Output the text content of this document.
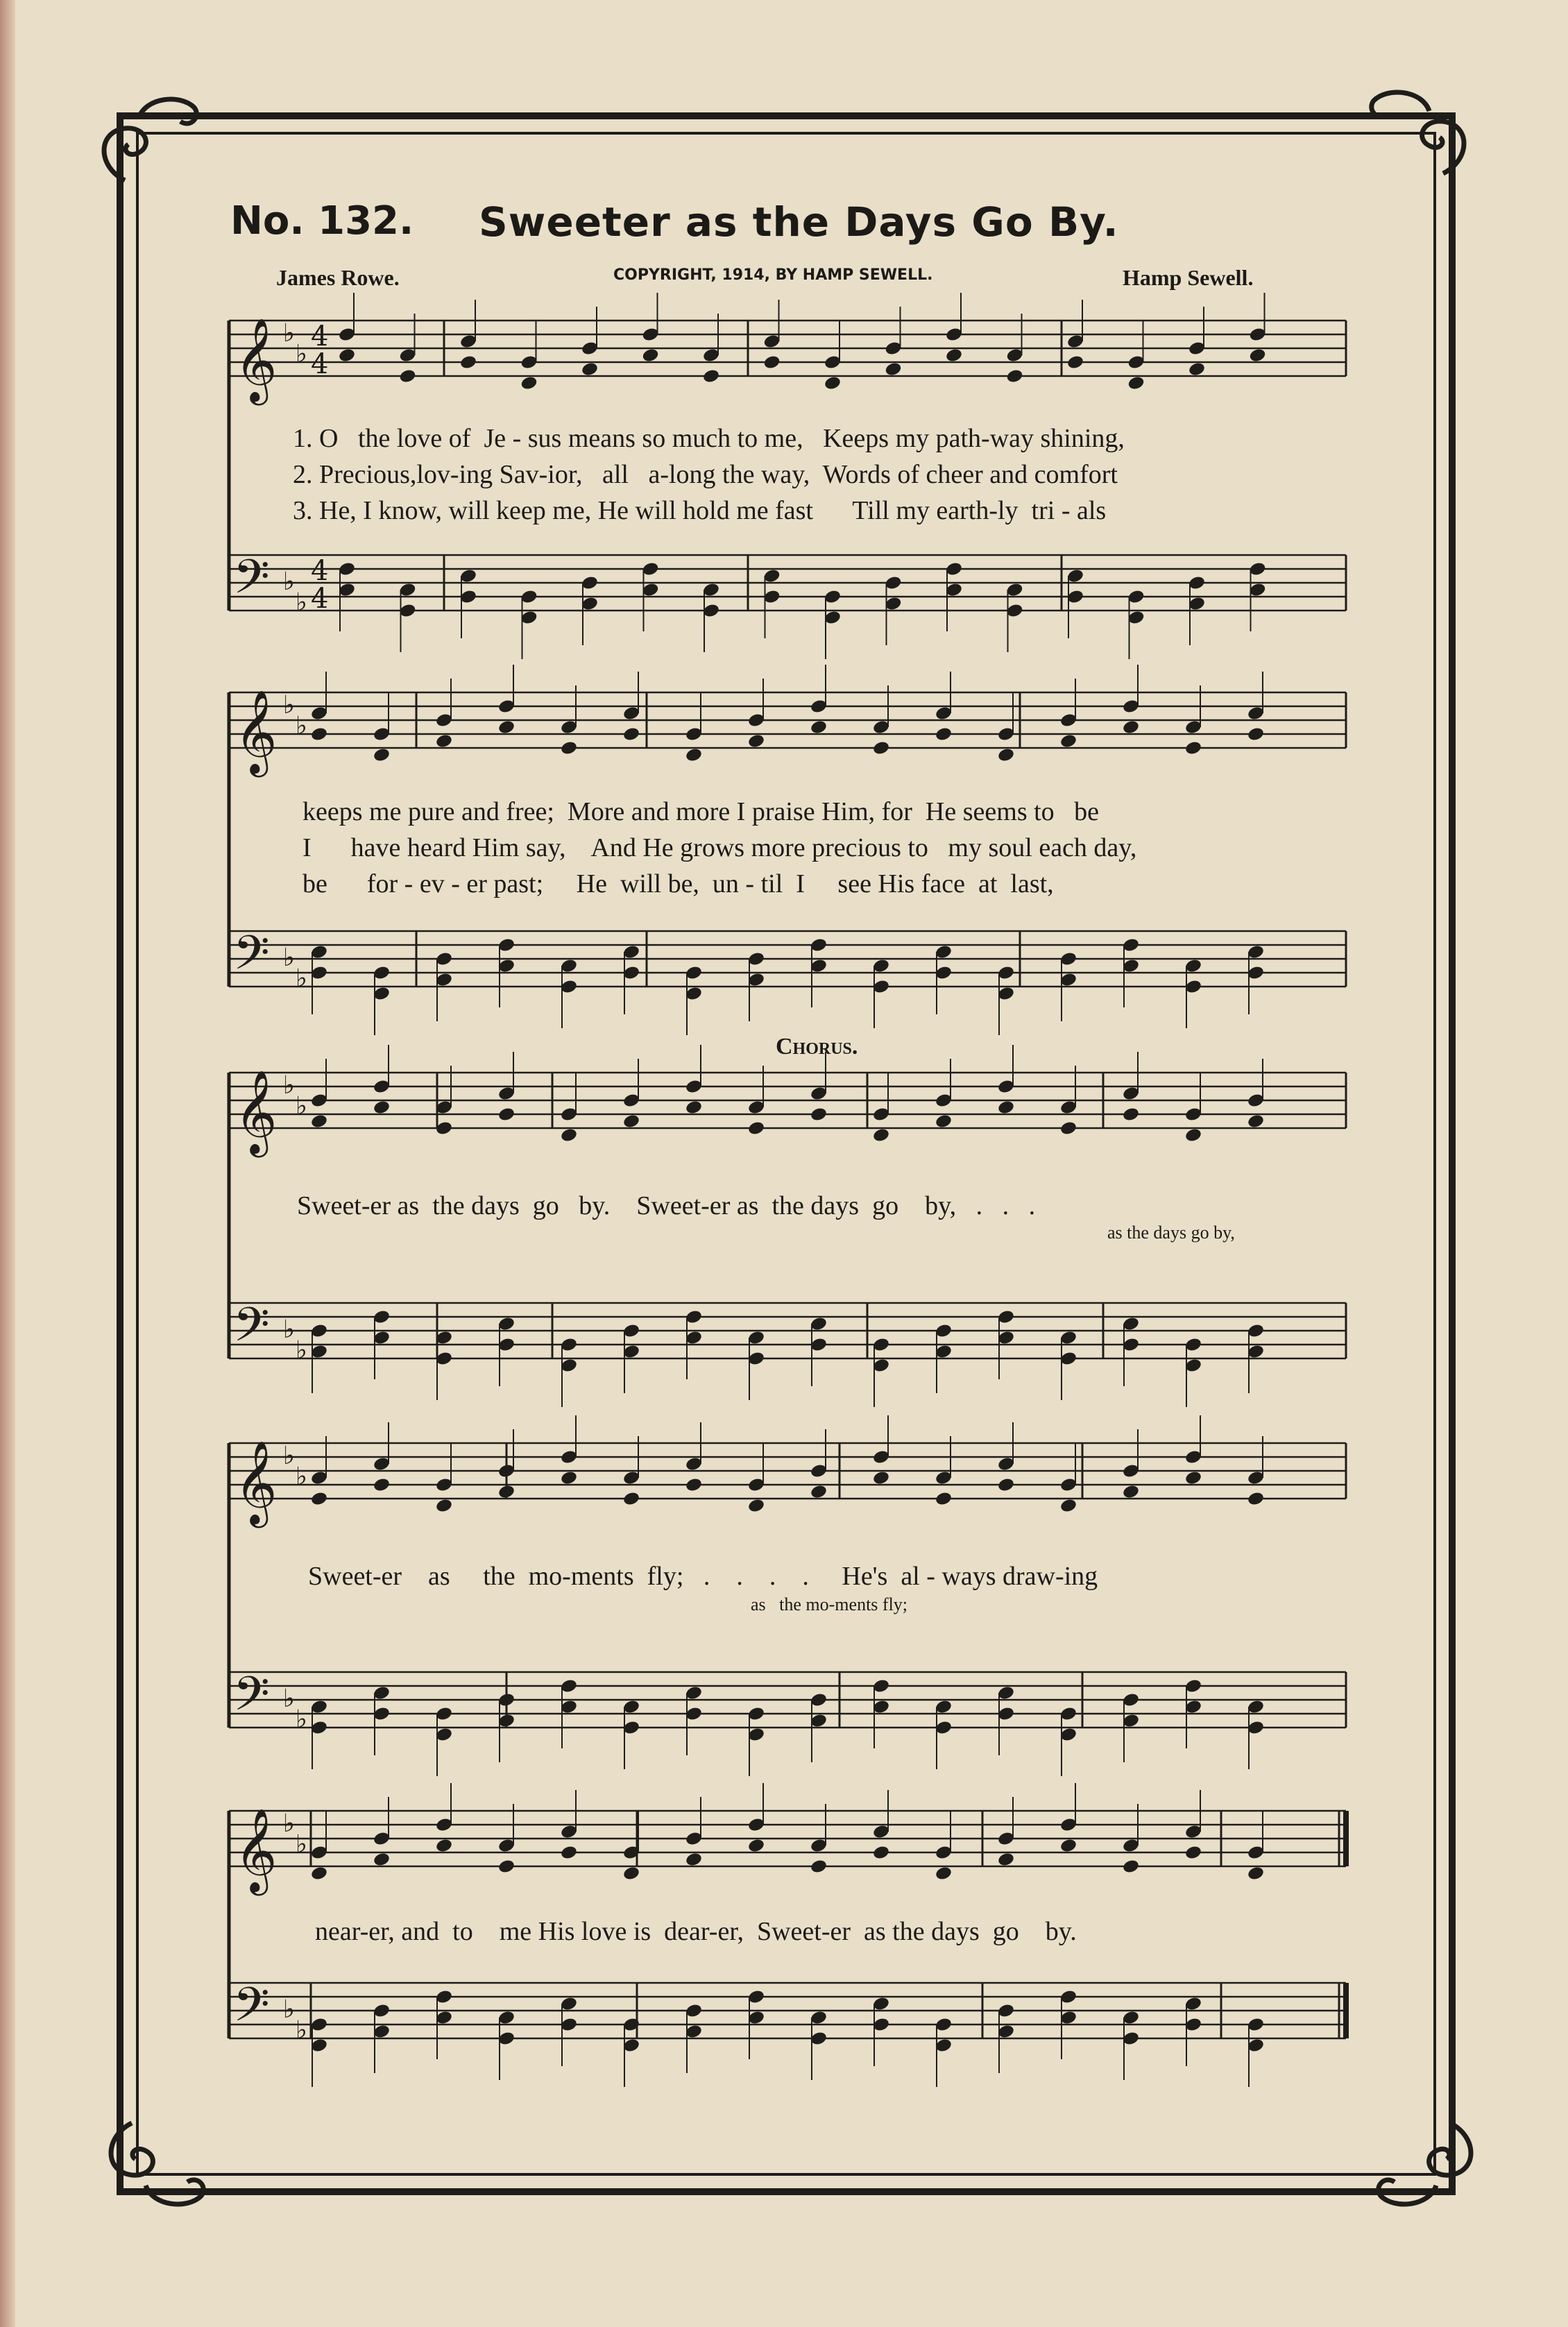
No. 132. Sweeter as the Days Go By.
James Rowe.	COPYRIGHT, 1914, BY HAMP SEWELL.	Hamp Sewell.
𝄞 ♭
♭
4
4
𝄢 ♭
♭
4
4
𝄞 ♭
♭
𝄢 ♭
♭
𝄞 ♭
♭
𝄢 ♭
♭
𝄞 ♭
♭
𝄢 ♭
♭
𝄞 ♭
♭
𝄢 ♭
♭
1. O   the love of  Je - sus means so much to me,   Keeps my path-way shining,
2. Precious,lov-ing Sav-ior,   all   a-long the way,  Words of cheer and comfort
3. He, I know, will keep me, He will hold me fast      Till my earth-ly  tri - als
keeps me pure and free;  More and more I praise Him, for  He seems to   be
I      have heard Him say,    And He grows more precious to   my soul each day,
be      for - ev - er past;     He  will be,  un - til  I     see His face  at  last,
Chorus.
Sweet-er as  the days  go   by.    Sweet-er as  the days  go    by,   .   .   .
as the days go by,
Sweet-er    as     the  mo-ments  fly;   .    .    .    .     He's  al - ways draw-ing
as   the mo-ments fly;
near-er, and  to    me His love is  dear-er,  Sweet-er  as the days  go    by.
